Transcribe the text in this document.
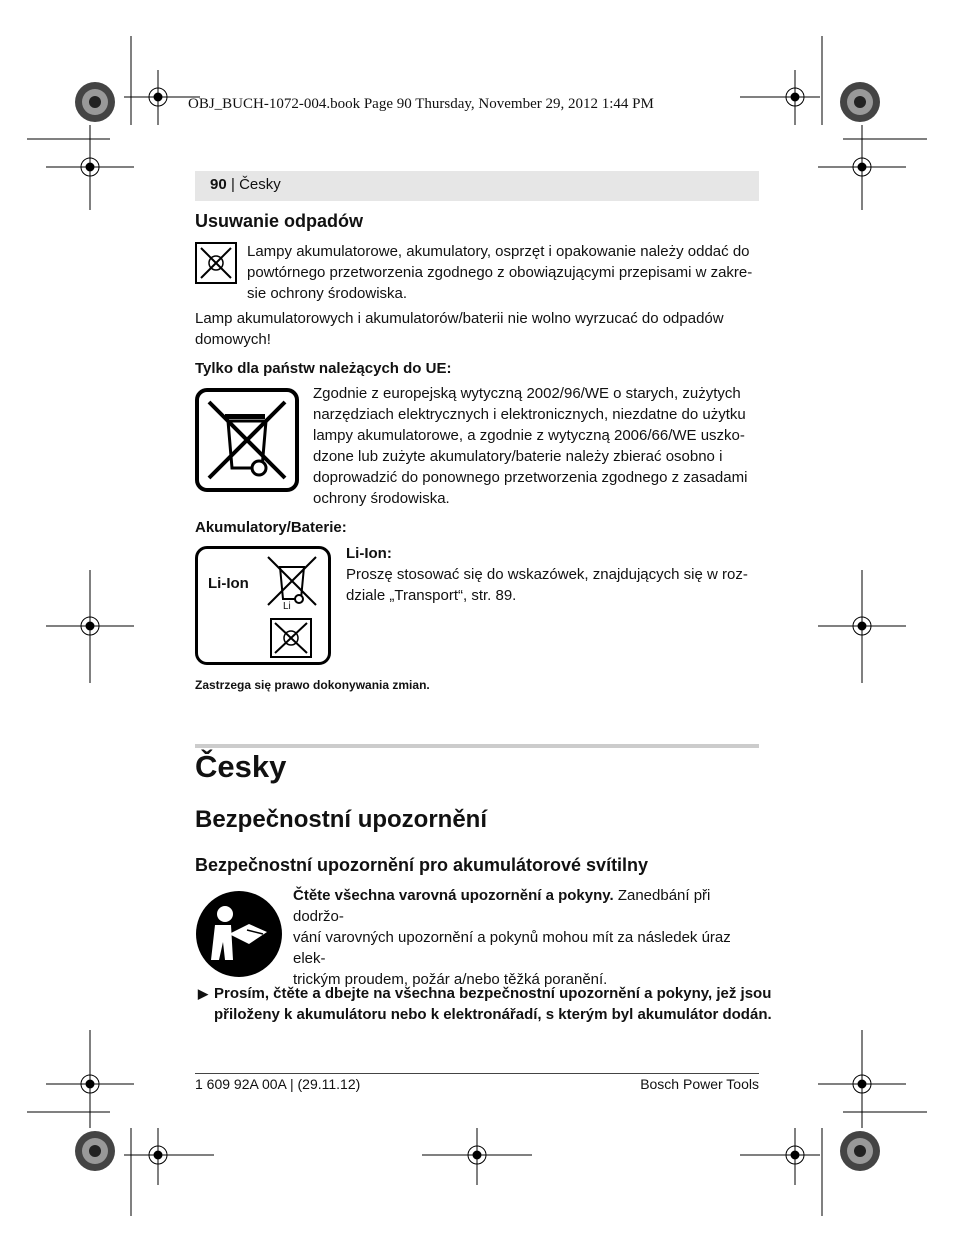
OBJ_BUCH-1072-004.book Page 90 Thursday, November 29, 2012 1:44 PM
90 | Česky
Usuwanie odpadów
Lampy akumulatorowe, akumulatory, osprzęt i opakowanie należy oddać do
powtórnego przetworzenia zgodnego z obowiązującymi przepisami w zakre-
sie ochrony środowiska.
Lamp akumulatorowych i akumulatorów/baterii nie wolno wyrzucać do odpadów
domowych!
Tylko dla państw należących do UE:
Zgodnie z europejską wytyczną 2002/96/WE o starych, zużytych
narzędziach elektrycznych i elektronicznych, niezdatne do użytku
lampy akumulatorowe, a zgodnie z wytyczną 2006/66/WE uszko-
dzone lub zużyte akumulatory/baterie należy zbierać osobno i
doprowadzić do ponownego przetworzenia zgodnego z zasadami
ochrony środowiska.
Akumulatory/Baterie:
Li-Ion
Li
Li-Ion:
Proszę stosować się do wskazówek, znajdujących się w roz-
dziale „Transport“, str. 89.
Zastrzega się prawo dokonywania zmian.
Česky
Bezpečnostní upozornění
Bezpečnostní upozornění pro akumulátorové svítilny
Čtěte všechna varovná upozornění a pokyny. Zanedbání při dodržo-
vání varovných upozornění a pokynů mohou mít za následek úraz elek-
trickým proudem, požár a/nebo těžká poranění.
▶ Prosím, čtěte a dbejte na všechna bezpečnostní upozornění a pokyny, jež jsou
přiloženy k akumulátoru nebo k elektronářadí, s kterým byl akumulátor dodán.
1 609 92A 00A | (29.11.12)	Bosch Power Tools
